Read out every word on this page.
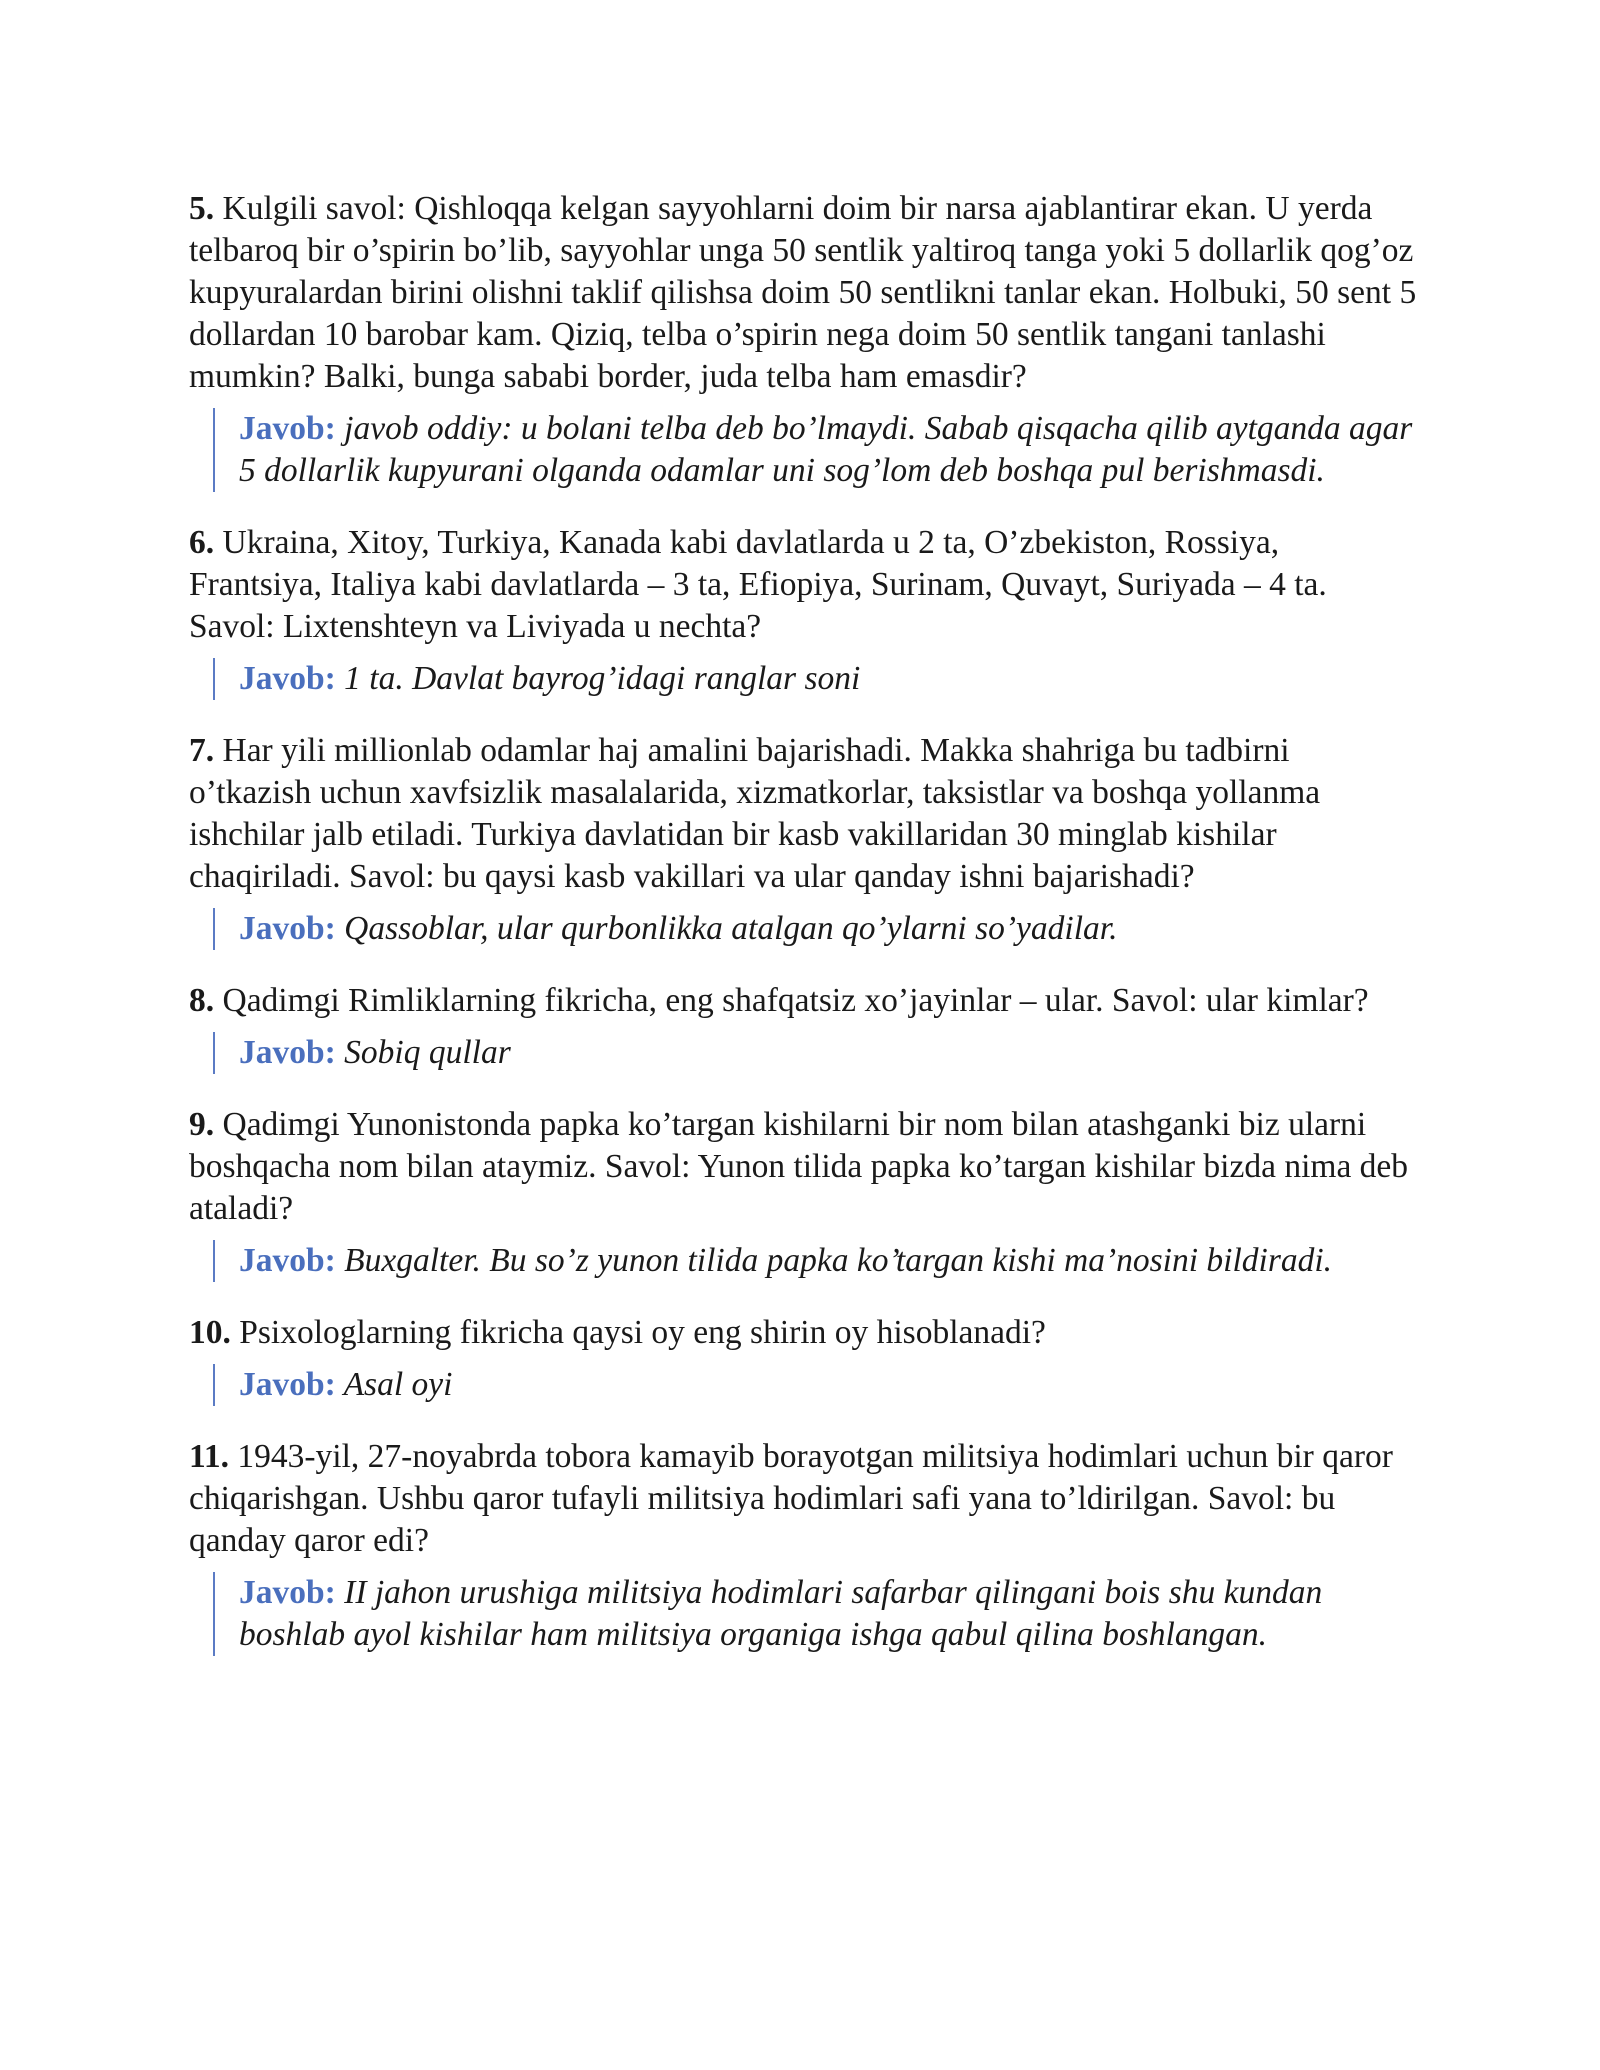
5. Kulgili savol: Qishloqqa kelgan sayyohlarni doim bir narsa ajablantirar ekan. U yerda telbaroq bir o’spirin bo’lib, sayyohlar unga 50 sentlik yaltiroq tanga yoki 5 dollarlik qog’oz kupyuralardan birini olishni taklif qilishsa doim 50 sentlikni tanlar ekan. Holbuki, 50 sent 5 dollardan 10 barobar kam. Qiziq, telba o’spirin nega doim 50 sentlik tangani tanlashi mumkin? Balki, bunga sababi border, juda telba ham emasdir?

Javob: javob oddiy: u bolani telba deb bo’lmaydi. Sabab qisqacha qilib aytganda agar 5 dollarlik kupyurani olganda odamlar uni sog’lom deb boshqa pul berishmasdi.

6. Ukraina, Xitoy, Turkiya, Kanada kabi davlatlarda u 2 ta, O’zbekiston, Rossiya, Frantsiya, Italiya kabi davlatlarda – 3 ta, Efiopiya, Surinam, Quvayt, Suriyada – 4 ta. Savol: Lixtenshteyn va Liviyada u nechta?

Javob: 1 ta. Davlat bayrog’idagi ranglar soni

7. Har yili millionlab odamlar haj amalini bajarishadi. Makka shahriga bu tadbirni o’tkazish uchun xavfsizlik masalalarida, xizmatkorlar, taksistlar va boshqa yollanma ishchilar jalb etiladi. Turkiya davlatidan bir kasb vakillaridan 30 minglab kishilar chaqiriladi. Savol: bu qaysi kasb vakillari va ular qanday ishni bajarishadi?

Javob: Qassoblar, ular qurbonlikka atalgan qo’ylarni so’yadilar.

8. Qadimgi Rimliklarning fikricha, eng shafqatsiz xo’jayinlar – ular. Savol: ular kimlar?

Javob: Sobiq qullar

9. Qadimgi Yunonistonda papka ko’targan kishilarni bir nom bilan atashganki biz ularni boshqacha nom bilan ataymiz. Savol: Yunon tilida papka ko’targan kishilar bizda nima deb ataladi?

Javob: Buxgalter. Bu so’z yunon tilida papka ko’targan kishi ma’nosini bildiradi.

10. Psixologlarning fikricha qaysi oy eng shirin oy hisoblanadi?

Javob: Asal oyi

11. 1943-yil, 27-noyabrda tobora kamayib borayotgan militsiya hodimlari uchun bir qaror chiqarishgan. Ushbu qaror tufayli militsiya hodimlari safi yana to’ldirilgan. Savol: bu qanday qaror edi?

Javob: II jahon urushiga militsiya hodimlari safarbar qilingani bois shu kundan boshlab ayol kishilar ham militsiya organiga ishga qabul qilina boshlangan.
